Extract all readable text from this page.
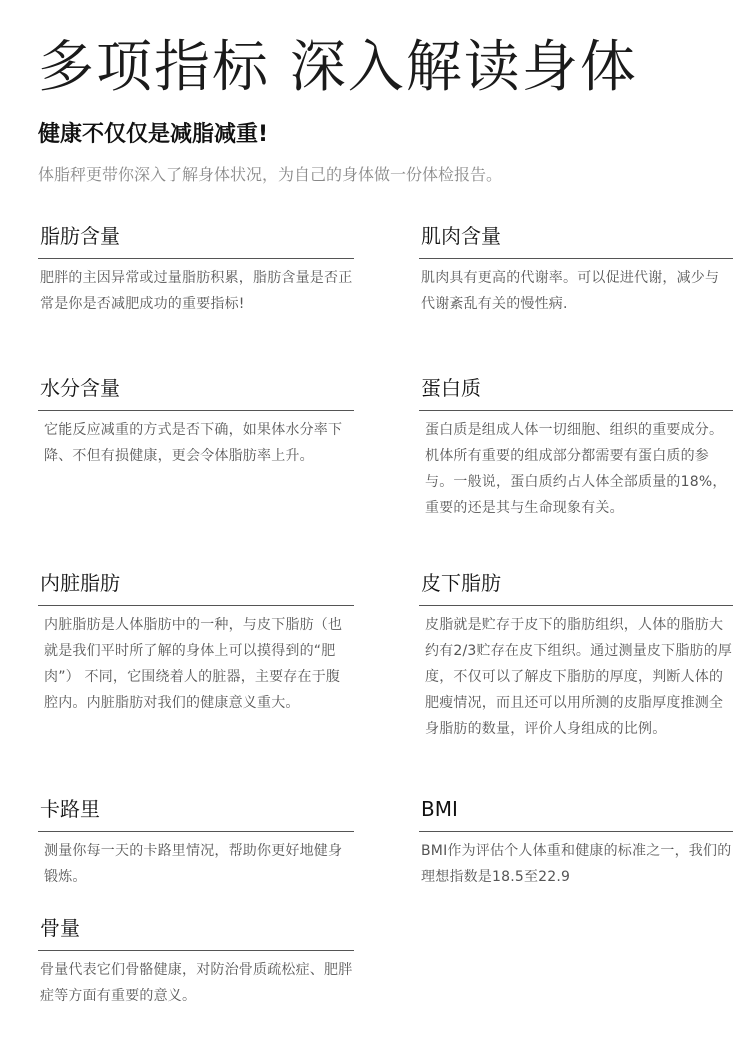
多项指标 深入解读身体
健康不仅仅是减脂减重!
体脂秤更带你深入了解身体状况，为自己的身体做一份体检报告。
脂肪含量
肥胖的主因异常或过量脂肪积累，脂肪含量是否正常是你是否减肥成功的重要指标!
肌肉含量
肌肉具有更高的代谢率。可以促进代谢，减少与代谢紊乱有关的慢性病.
水分含量
它能反应减重的方式是否下确，如果体水分率下降、不但有损健康，更会令体脂肪率上升。
蛋白质
蛋白质是组成人体一切细胞、组织的重要成分。机体所有重要的组成部分都需要有蛋白质的参与。一般说，蛋白质约占人体全部质量的18%， 重要的还是其与生命现象有关。
内脏脂肪
内脏脂肪是人体脂肪中的一种，与皮下脂肪（也就是我们平时所了解的身体上可以摸得到的“肥肉”） 不同，它围绕着人的脏器，主要存在于腹腔内。内脏脂肪对我们的健康意义重大。
皮下脂肪
皮脂就是贮存于皮下的脂肪组织，人体的脂肪大约有2/3贮存在皮下组织。通过测量皮下脂肪的厚度，不仅可以了解皮下脂肪的厚度，判断人体的肥瘦情况，而且还可以用所测的皮脂厚度推测全身脂肪的数量，评价人身组成的比例。
卡路里
测量你每一天的卡路里情况，帮助你更好地健身锻炼。
BMI
BMI作为评估个人体重和健康的标准之一，我们的理想指数是18.5至22.9
骨量
骨量代表它们骨骼健康，对防治骨质疏松症、肥胖症等方面有重要的意义。
